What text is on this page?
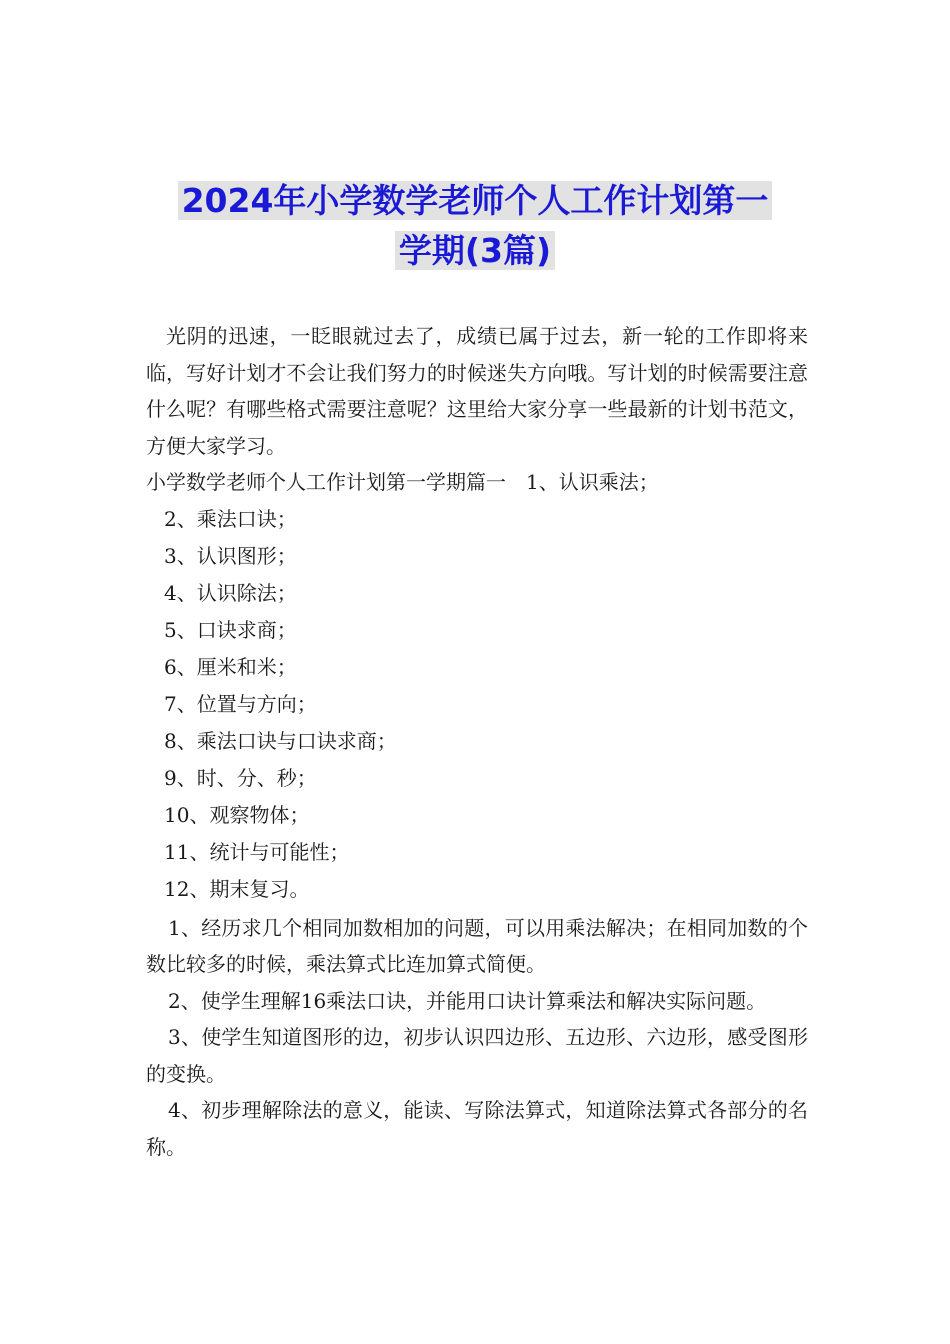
2024年小学数学老师个人工作计划第一
学期(3篇)

光阴的迅速，一眨眼就过去了，成绩已属于过去，新一轮的工作即将来临，写好计划才不会让我们努力的时候迷失方向哦。写计划的时候需要注意什么呢？有哪些格式需要注意呢？这里给大家分享一些最新的计划书范文，方便大家学习。

小学数学老师个人工作计划第一学期篇一　1、认识乘法；

2、乘法口诀；

3、认识图形；

4、认识除法；

5、口诀求商；

6、厘米和米；

7、位置与方向；

8、乘法口诀与口诀求商；

9、时、分、秒；

10、观察物体；

11、统计与可能性；

12、期末复习。

1、经历求几个相同加数相加的问题，可以用乘法解决；在相同加数的个数比较多的时候，乘法算式比连加算式简便。

2、使学生理解16乘法口诀，并能用口诀计算乘法和解决实际问题。

3、使学生知道图形的边，初步认识四边形、五边形、六边形，感受图形的变换。

4、初步理解除法的意义，能读、写除法算式，知道除法算式各部分的名称。
